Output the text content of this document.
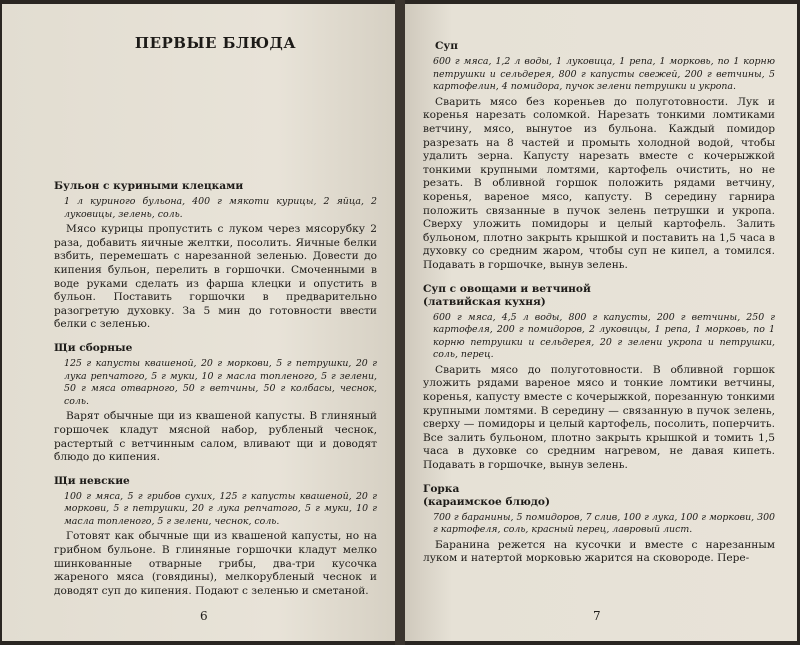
ПЕРВЫЕ БЛЮДА

Бульон с куриными клецками

1 л куриного бульона, 400 г мякоти курицы, 2 яйца, 2 луковицы, зелень, соль.

Мясо курицы пропустить с луком через мясорубку 2 раза, добавить яичные желтки, посолить. Яичные белки взбить, перемешать с нарезанной зеленью. Довести до кипения бульон, перелить в горшочки. Смоченными в воде руками сделать из фарша клецки и опустить в бульон. Поставить горшочки в предварительно разогретую духовку. За 5 мин до готовности ввести белки с зеленью.

Щи сборные

125 г капусты квашеной, 20 г моркови, 5 г петрушки, 20 г лука репчатого, 5 г муки, 10 г масла топленого, 5 г зелени, 50 г мяса отварного, 50 г ветчины, 50 г колбасы, чеснок, соль.

Варят обычные щи из квашеной капусты. В глиняный горшочек кладут мясной набор, рубленый чеснок, растертый с ветчинным салом, вливают щи и доводят блюдо до кипения.

Щи невские

100 г мяса, 5 г грибов сухих, 125 г капусты квашеной, 20 г моркови, 5 г петрушки, 20 г лука репчатого, 5 г муки, 10 г масла топленого, 5 г зелени, чеснок, соль.

Готовят как обычные щи из квашеной капусты, но на грибном бульоне. В глиняные горшочки кладут мелко шинкованные отварные грибы, два-три кусочка жареного мяса (говядины), мелкорубленый чеснок и доводят суп до кипения. Подают с зеленью и сметаной.

6

Суп

600 г мяса, 1,2 л воды, 1 луковица, 1 репа, 1 морковь, по 1 корню петрушки и сельдерея, 800 г капусты свежей, 200 г ветчины, 5 картофелин, 4 помидора, пучок зелени петрушки и укропа.

Сварить мясо без кореньев до полуготовности. Лук и коренья нарезать соломкой. Нарезать тонкими ломтиками ветчину, мясо, вынутое из бульона. Каждый помидор разрезать на 8 частей и промыть холодной водой, чтобы удалить зерна. Капусту нарезать вместе с кочерыжкой тонкими крупными ломтями, картофель очистить, но не резать. В обливной горшок положить рядами ветчину, коренья, вареное мясо, капусту. В середину гарнира положить связанные в пучок зелень петрушки и укропа. Сверху уложить помидоры и целый картофель. Залить бульоном, плотно закрыть крышкой и поставить на 1,5 часа в духовку со средним жаром, чтобы суп не кипел, а томился. Подавать в горшочке, вынув зелень.

Суп с овощами и ветчиной

(латвийская кухня)

600 г мяса, 4,5 л воды, 800 г капусты, 200 г ветчины, 250 г картофеля, 200 г помидоров, 2 луковицы, 1 репа, 1 морковь, по 1 корню петрушки и сельдерея, 20 г зелени укропа и петрушки, соль, перец.

Сварить мясо до полуготовности. В обливной горшок уложить рядами вареное мясо и тонкие ломтики ветчины, коренья, капусту вместе с кочерыжкой, порезанную тонкими крупными ломтями. В середину — связанную в пучок зелень, сверху — помидоры и целый картофель, посолить, поперчить. Все залить бульоном, плотно закрыть крышкой и томить 1,5 часа в духовке со средним нагревом, не давая кипеть. Подавать в горшочке, вынув зелень.

Горка

(караимское блюдо)

700 г баранины, 5 помидоров, 7 слив, 100 г лука, 100 г моркови, 300 г картофеля, соль, красный перец, лавровый лист.

Баранина режется на кусочки и вместе с нарезанным луком и натертой морковью жарится на сковороде. Пере-

7
